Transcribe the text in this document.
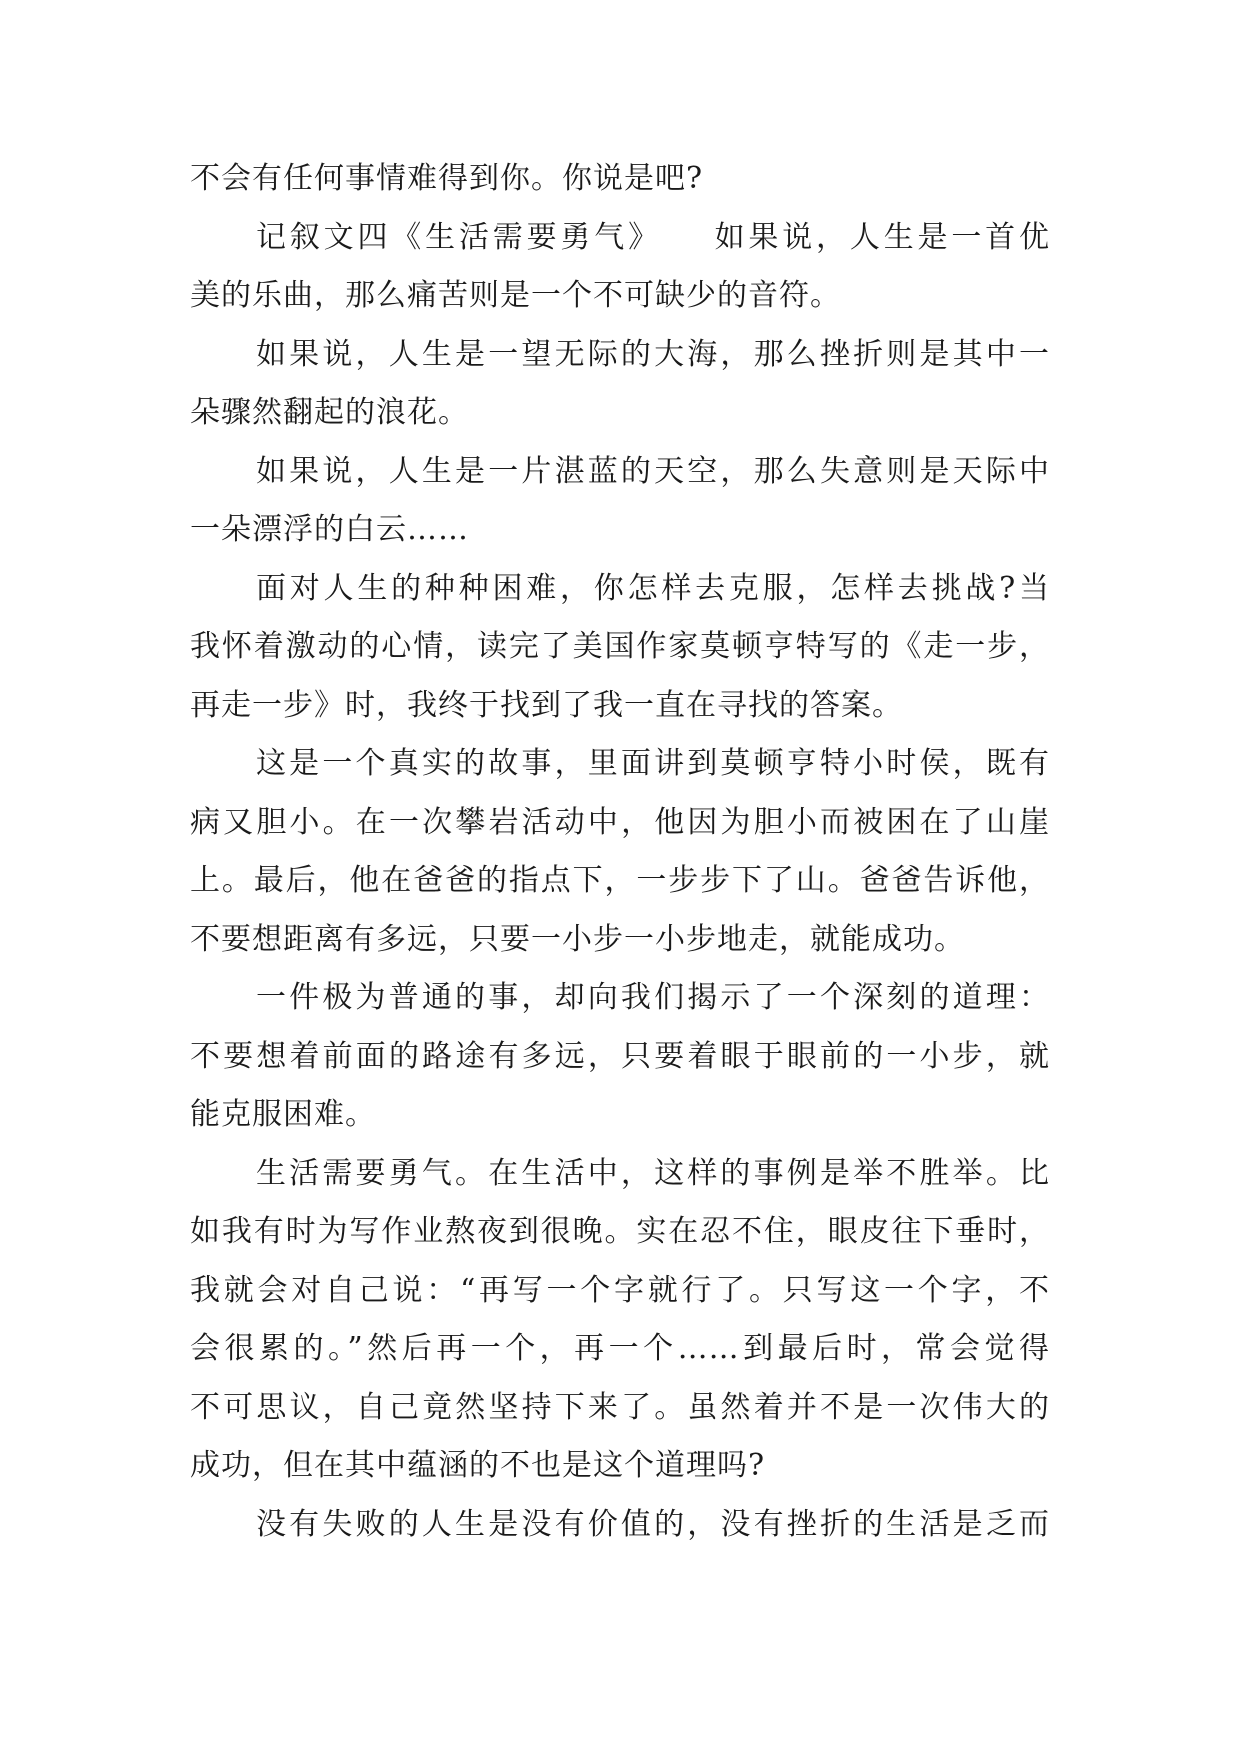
不会有任何事情难得到你。你说是吧?
记叙文四《生活需要勇气》　　如果说，人生是一首优
美的乐曲，那么痛苦则是一个不可缺少的音符。
如果说，人生是一望无际的大海，那么挫折则是其中一
朵骤然翻起的浪花。
如果说，人生是一片湛蓝的天空，那么失意则是天际中
一朵漂浮的白云……
面对人生的种种困难，你怎样去克服，怎样去挑战?当
我怀着激动的心情，读完了美国作家莫顿亨特写的《走一步，
再走一步》时，我终于找到了我一直在寻找的答案。
这是一个真实的故事，里面讲到莫顿亨特小时侯，既有
病又胆小。在一次攀岩活动中，他因为胆小而被困在了山崖
上。最后，他在爸爸的指点下，一步步下了山。爸爸告诉他，
不要想距离有多远，只要一小步一小步地走，就能成功。
一件极为普通的事，却向我们揭示了一个深刻的道理：
不要想着前面的路途有多远，只要着眼于眼前的一小步，就
能克服困难。
生活需要勇气。在生活中，这样的事例是举不胜举。比
如我有时为写作业熬夜到很晚。实在忍不住，眼皮往下垂时，
我就会对自己说：“再写一个字就行了。只写这一个字，不
会很累的。”然后再一个，再一个……到最后时，常会觉得
不可思议，自己竟然坚持下来了。虽然着并不是一次伟大的
成功，但在其中蕴涵的不也是这个道理吗?
没有失败的人生是没有价值的，没有挫折的生活是乏而
